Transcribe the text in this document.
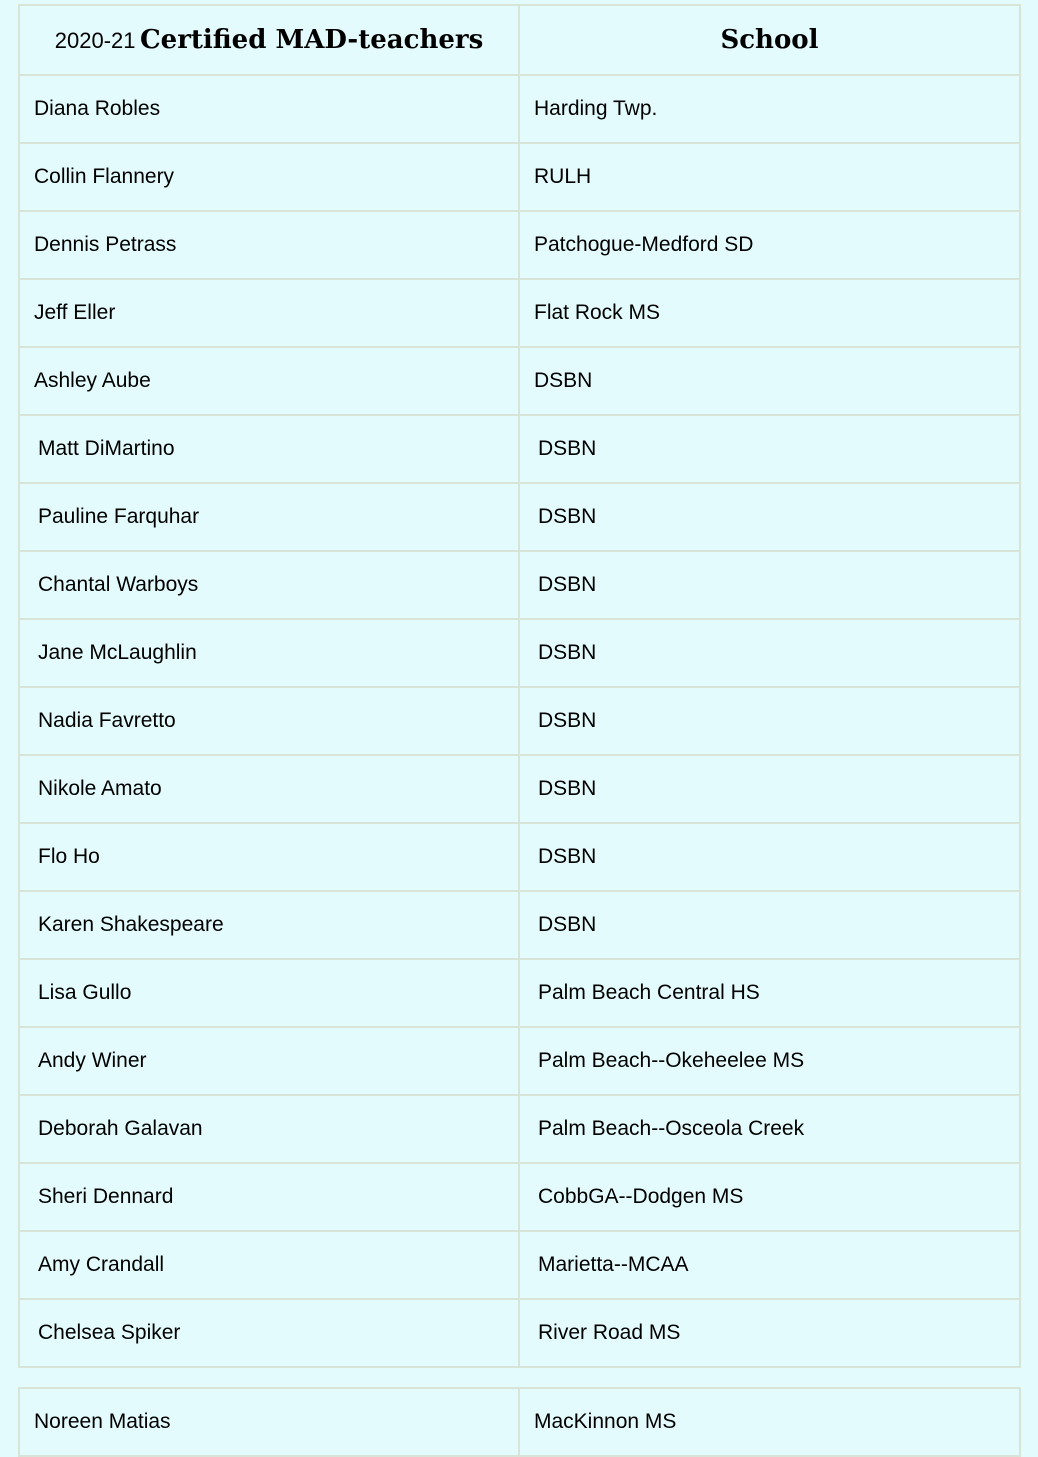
2020-21 Certified MAD-teachers	School
Diana Robles	Harding Twp.
Collin Flannery	RULH
Dennis Petrass	Patchogue-Medford SD
Jeff Eller	Flat Rock MS
Ashley Aube	DSBN
Matt DiMartino	DSBN
Pauline Farquhar	DSBN
Chantal Warboys	DSBN
Jane McLaughlin	DSBN
Nadia Favretto	DSBN
Nikole Amato	DSBN
Flo Ho	DSBN
Karen Shakespeare	DSBN
Lisa Gullo	Palm Beach Central HS
Andy Winer	Palm Beach--Okeheelee MS
Deborah Galavan	Palm Beach--Osceola Creek
Sheri Dennard	CobbGA--Dodgen MS
Amy Crandall	Marietta--MCAA
Chelsea Spiker	River Road MS
Noreen Matias	MacKinnon MS
